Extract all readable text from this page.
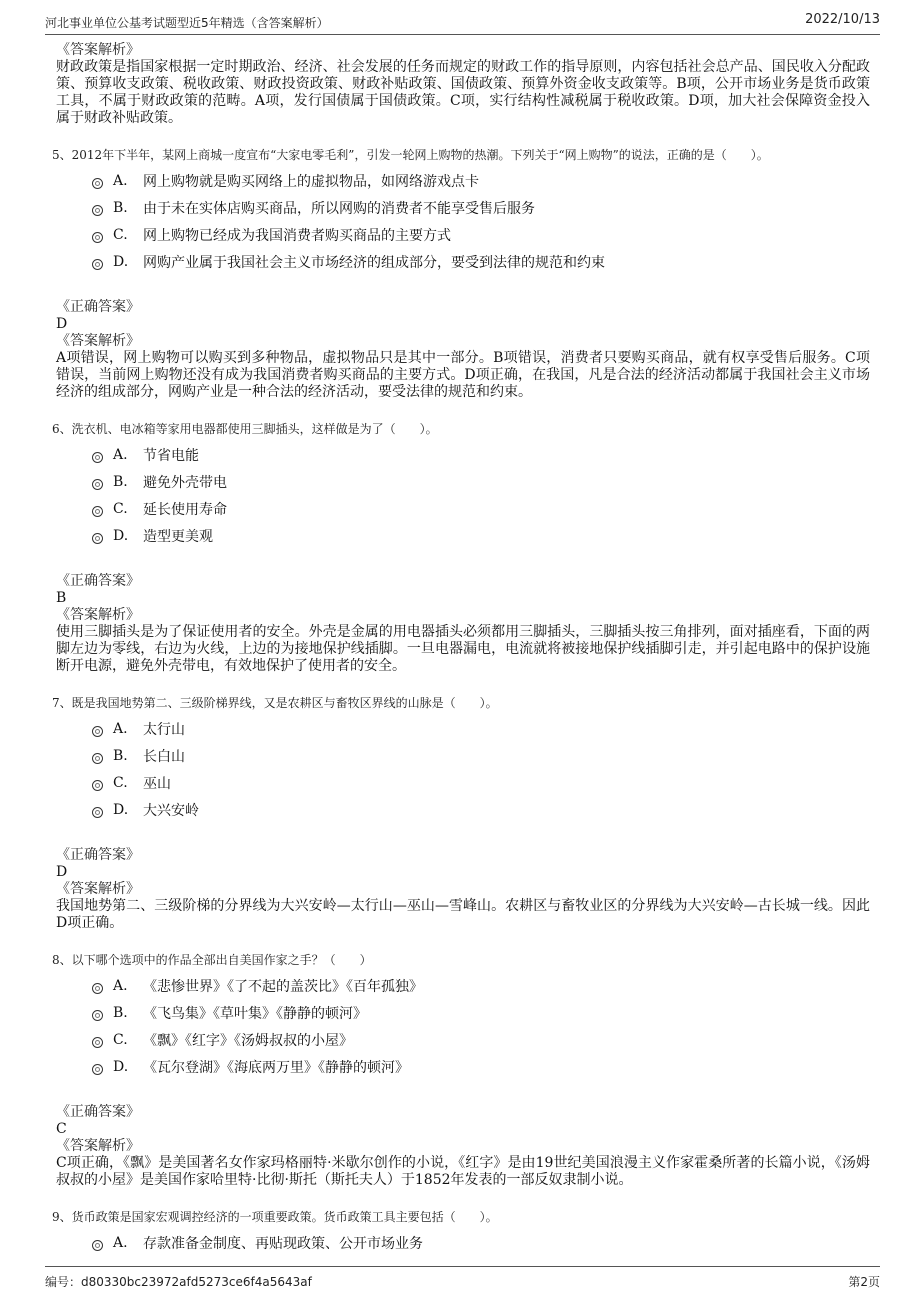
河北事业单位公基考试题型近5年精选（含答案解析）	2022/10/13
《答案解析》

财政政策是指国家根据一定时期政治、经济、社会发展的任务而规定的财政工作的指导原则，内容包括社会总产品、国民收入分配政策、预算收支政策、税收政策、财政投资政策、财政补贴政策、国债政策、预算外资金收支政策等。B项，公开市场业务是货币政策工具，不属于财政政策的范畴。A项，发行国债属于国债政策。C项，实行结构性减税属于税收政策。D项，加大社会保障资金投入属于财政补贴政策。

5、2012年下半年，某网上商城一度宣布“大家电零毛利”，引发一轮网上购物的热潮。下列关于“网上购物”的说法，正确的是（　　）。
A.	网上购物就是购买网络上的虚拟物品，如网络游戏点卡
B.	由于未在实体店购买商品，所以网购的消费者不能享受售后服务
C.	网上购物已经成为我国消费者购买商品的主要方式
D.	网购产业属于我国社会主义市场经济的组成部分，要受到法律的规范和约束
《正确答案》

D

《答案解析》

A项错误，网上购物可以购买到多种物品，虚拟物品只是其中一部分。B项错误，消费者只要购买商品，就有权享受售后服务。C项错误，当前网上购物还没有成为我国消费者购买商品的主要方式。D项正确，在我国，凡是合法的经济活动都属于我国社会主义市场经济的组成部分，网购产业是一种合法的经济活动，要受法律的规范和约束。

6、洗衣机、电冰箱等家用电器都使用三脚插头，这样做是为了（　　）。
A.	节省电能
B.	避免外壳带电
C.	延长使用寿命
D.	造型更美观
《正确答案》

B

《答案解析》

使用三脚插头是为了保证使用者的安全。外壳是金属的用电器插头必须都用三脚插头，三脚插头按三角排列，面对插座看，下面的两脚左边为零线，右边为火线，上边的为接地保护线插脚。一旦电器漏电，电流就将被接地保护线插脚引走，并引起电路中的保护设施断开电源，避免外壳带电，有效地保护了使用者的安全。

7、既是我国地势第二、三级阶梯界线，又是农耕区与畜牧区界线的山脉是（　　）。
A.	太行山
B.	长白山
C.	巫山
D.	大兴安岭
《正确答案》

D

《答案解析》

我国地势第二、三级阶梯的分界线为大兴安岭—太行山—巫山—雪峰山。农耕区与畜牧业区的分界线为大兴安岭—古长城一线。因此D项正确。

8、以下哪个选项中的作品全部出自美国作家之手？（　　）
A.	《悲惨世界》《了不起的盖茨比》《百年孤独》
B.	《飞鸟集》《草叶集》《静静的顿河》
C.	《飘》《红字》《汤姆叔叔的小屋》
D.	《瓦尔登湖》《海底两万里》《静静的顿河》
《正确答案》

C

《答案解析》

C项正确，《飘》是美国著名女作家玛格丽特·米歇尔创作的小说，《红字》是由19世纪美国浪漫主义作家霍桑所著的长篇小说，《汤姆叔叔的小屋》是美国作家哈里特·比彻·斯托（斯托夫人）于1852年发表的一部反奴隶制小说。

9、货币政策是国家宏观调控经济的一项重要政策。货币政策工具主要包括（　　）。
A.	存款准备金制度、再贴现政策、公开市场业务
编号：d80330bc23972afd5273ce6f4a5643af	第2页
